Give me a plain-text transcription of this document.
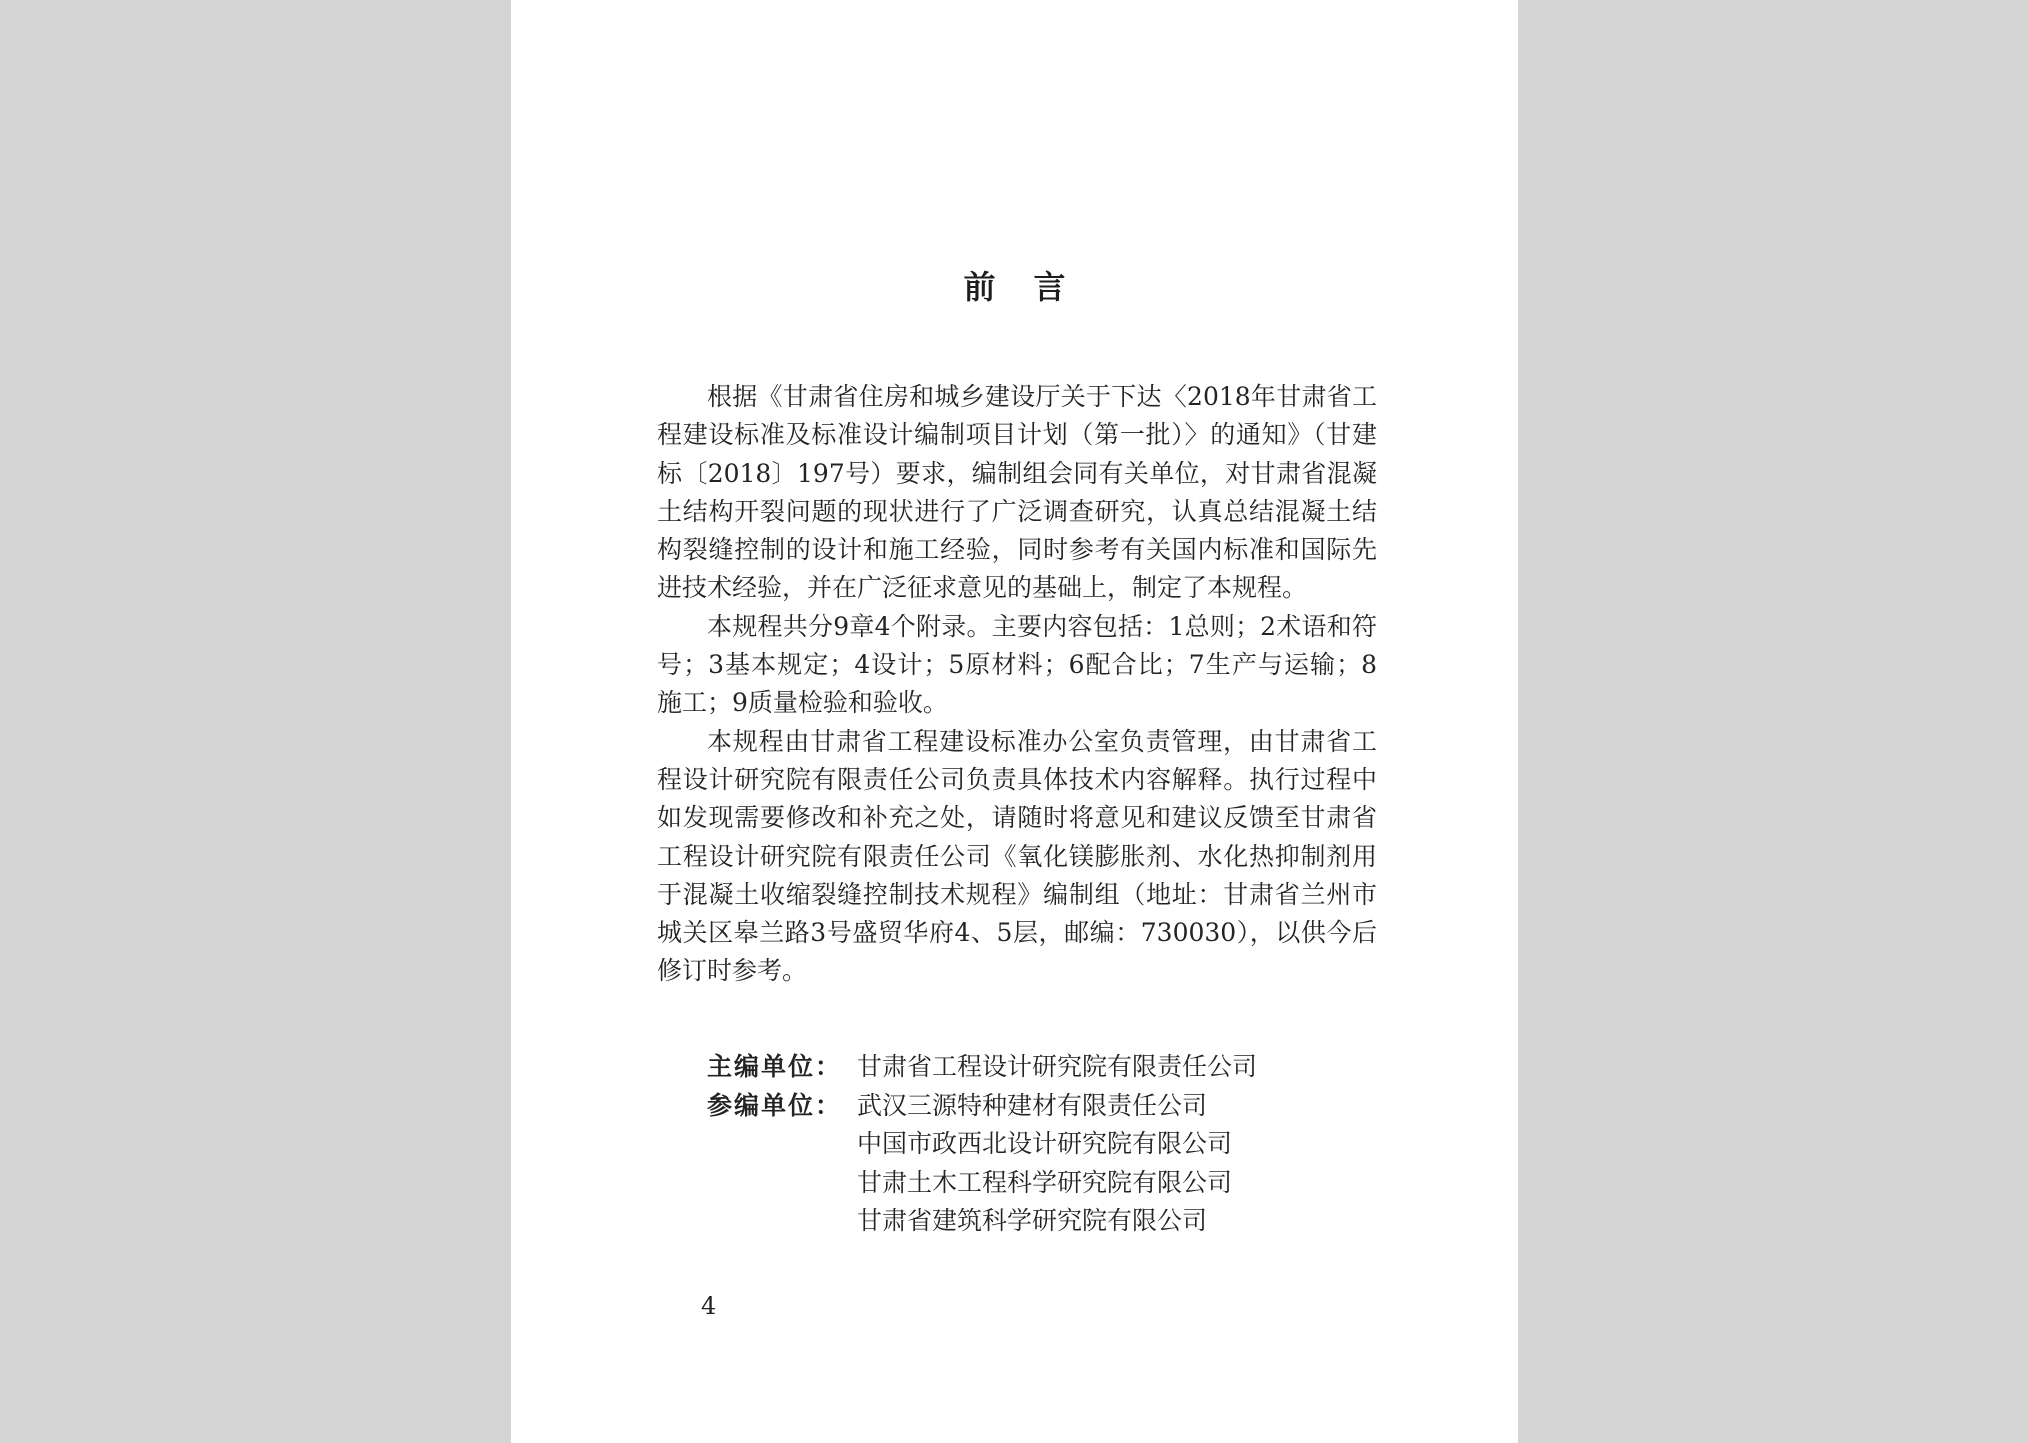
前言

根据《甘肃省住房和城乡建设厅关于下达〈2018年甘肃省工程建设标准及标准设计编制项目计划（第一批）〉的通知》（甘建标〔2018〕197号）要求，编制组会同有关单位，对甘肃省混凝土结构开裂问题的现状进行了广泛调查研究，认真总结混凝土结构裂缝控制的设计和施工经验，同时参考有关国内标准和国际先进技术经验，并在广泛征求意见的基础上，制定了本规程。

本规程共分9章4个附录。主要内容包括：1总则；2术语和符号；3基本规定；4设计；5原材料；6配合比；7生产与运输；8施工；9质量检验和验收。

本规程由甘肃省工程建设标准办公室负责管理，由甘肃省工程设计研究院有限责任公司负责具体技术内容解释。执行过程中如发现需要修改和补充之处，请随时将意见和建议反馈至甘肃省工程设计研究院有限责任公司《氧化镁膨胀剂、水化热抑制剂用于混凝土收缩裂缝控制技术规程》编制组（地址：甘肃省兰州市城关区皋兰路3号盛贸华府4、5层，邮编：730030），以供今后修订时参考。

主编单位： 甘肃省工程设计研究院有限责任公司
参编单位： 武汉三源特种建材有限责任公司
中国市政西北设计研究院有限公司
甘肃土木工程科学研究院有限公司
甘肃省建筑科学研究院有限公司
4
